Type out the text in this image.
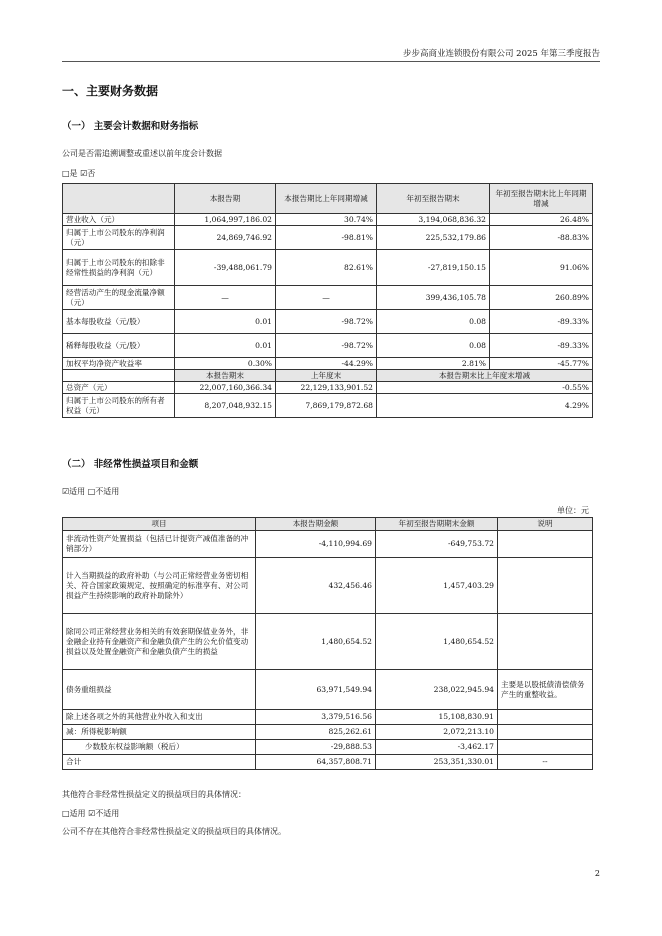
步步高商业连锁股份有限公司 2025 年第三季度报告
一、主要财务数据
（一） 主要会计数据和财务指标
公司是否需追溯调整或重述以前年度会计数据
□是 ☑否
	本报告期	本报告期比上年同期增减	年初至报告期末	年初至报告期末比上年同期增减
营业收入（元）	1,064,997,186.02	30.74%	3,194,068,836.32	26.48%
归属于上市公司股东的净利润（元）	24,869,746.92	-98.81%	225,532,179.86	-88.83%
归属于上市公司股东的扣除非经常性损益的净利润（元）	-39,488,061.79	82.61%	-27,819,150.15	91.06%
经营活动产生的现金流量净额（元）	—	—	399,436,105.78	260.89%
基本每股收益（元/股）	0.01	-98.72%	0.08	-89.33%
稀释每股收益（元/股）	0.01	-98.72%	0.08	-89.33%
加权平均净资产收益率	0.30%	-44.29%	2.81%	-45.77%
	本报告期末	上年度末	本报告期末比上年度末增减	
总资产（元）	22,007,160,366.34	22,129,133,901.52	-0.55%	
归属于上市公司股东的所有者权益（元）	8,207,048,932.15	7,869,179,872.68	4.29%	
（二） 非经常性损益项目和金额
☑适用 □不适用
单位：元
项目	本报告期金额	年初至报告期期末金额	说明
非流动性资产处置损益（包括已计提资产减值准备的冲销部分）	-4,110,994.69	-649,753.72	
计入当期损益的政府补助（与公司正常经营业务密切相关、符合国家政策规定、按照确定的标准享有、对公司损益产生持续影响的政府补助除外）	432,456.46	1,457,403.29	
除同公司正常经营业务相关的有效套期保值业务外，非金融企业持有金融资产和金融负债产生的公允价值变动损益以及处置金融资产和金融负债产生的损益	1,480,654.52	1,480,654.52	
债务重组损益	63,971,549.94	238,022,945.94	主要是以股抵债清偿债务产生的重整收益。
除上述各项之外的其他营业外收入和支出	3,379,516.56	15,108,830.91	
减：所得税影响额	825,262.61	2,072,213.10	
少数股东权益影响额（税后）	-29,888.53	-3,462.17	
合计	64,357,808.71	253,351,330.01	--
其他符合非经常性损益定义的损益项目的具体情况：
□适用 ☑不适用
公司不存在其他符合非经常性损益定义的损益项目的具体情况。
2
